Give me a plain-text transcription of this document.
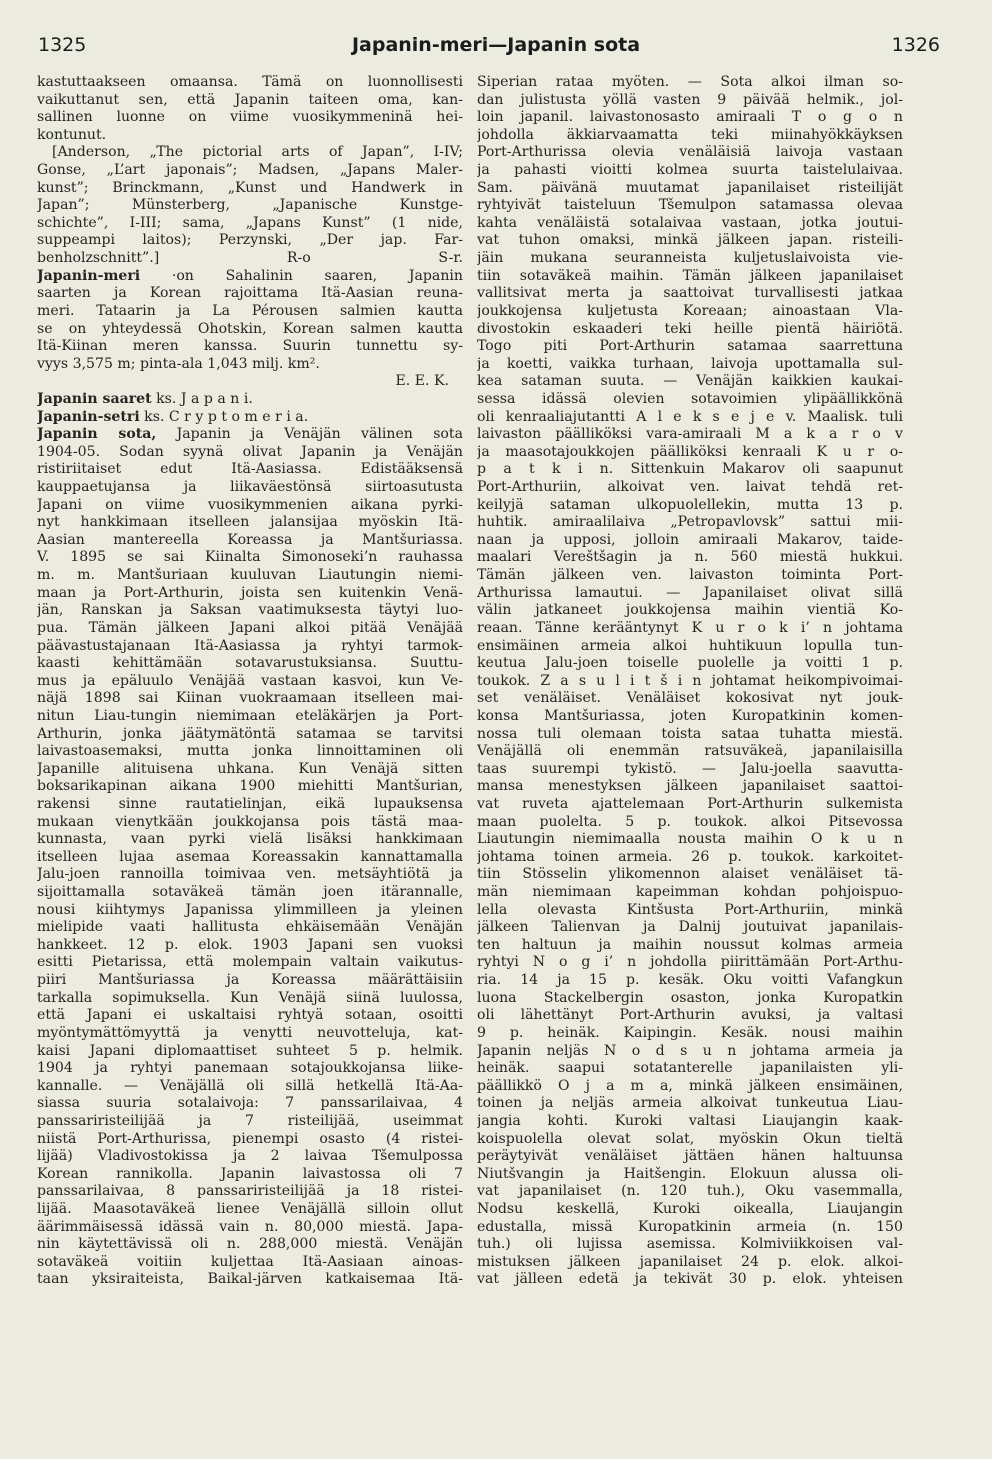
1325	Japanin-meri—Japanin sota	1326
kastuttaakseen omaansa. Tämä on luonnollisesti
vaikuttanut sen, että Japanin taiteen oma, kan-
sallinen luonne on viime vuosikymmeninä hei-
kontunut.
[Anderson, „The pictorial arts of Japan”, I-IV;
Gonse, „L’art japonais”; Madsen, „Japans Maler-
kunst”; Brinckmann, „Kunst und Handwerk in
Japan”; Münsterberg, „Japanische Kunstge-
schichte”, I-III; sama, „Japans Kunst” (1 nide,
suppeampi laitos); Perzynski, „Der jap. Far-
benholzschnitt”.] R-o S-r.
Japanin-meri ·on Sahalinin saaren, Japanin
saarten ja Korean rajoittama Itä-Aasian reuna-
meri. Tataarin ja La Pérousen salmien kautta
se on yhteydessä Ohotskin, Korean salmen kautta
Itä-Kiinan meren kanssa. Suurin tunnettu sy-
vyys 3,575 m; pinta-ala 1,043 milj. km².
E. E. K.
Japanin saaret ks. J a p a n i.
Japanin-setri ks. C r y p t o m e r i a.
Japanin sota, Japanin ja Venäjän välinen sota
1904-05. Sodan syynä olivat Japanin ja Venäjän
ristiriitaiset edut Itä-Aasiassa. Edistääksensä
kauppaetujansa ja liikaväestönsä siirtoasutusta
Japani on viime vuosikymmenien aikana pyrki-
nyt hankkimaan itselleen jalansijaa myöskin Itä-
Aasian mantereella Koreassa ja Mantšuriassa.
V. 1895 se sai Kiinalta Šimonoseki’n rauhassa
m. m. Mantšuriaan kuuluvan Liautungin niemi-
maan ja Port-Arthurin, joista sen kuitenkin Venä-
jän, Ranskan ja Saksan vaatimuksesta täytyi luo-
pua. Tämän jälkeen Japani alkoi pitää Venäjää
päävastustajanaan Itä-Aasiassa ja ryhtyi tarmok-
kaasti kehittämään sotavarustuksiansa. Suuttu-
mus ja epäluulo Venäjää vastaan kasvoi, kun Ve-
näjä 1898 sai Kiinan vuokraamaan itselleen mai-
nitun Liau-tungin niemimaan eteläkärjen ja Port-
Arthurin, jonka jäätymätöntä satamaa se tarvitsi
laivastoasemaksi, mutta jonka linnoittaminen oli
Japanille alituisena uhkana. Kun Venäjä sitten
boksarikapinan aikana 1900 miehitti Mantšurian,
rakensi sinne rautatielinjan, eikä lupauksensa
mukaan vienytkään joukkojansa pois tästä maa-
kunnasta, vaan pyrki vielä lisäksi hankkimaan
itselleen lujaa asemaa Koreassakin kannattamalla
Jalu-joen rannoilla toimivaa ven. metsäyhtiötä ja
sijoittamalla sotaväkeä tämän joen itärannalle,
nousi kiihtymys Japanissa ylimmilleen ja yleinen
mielipide vaati hallitusta ehkäisemään Venäjän
hankkeet. 12 p. elok. 1903 Japani sen vuoksi
esitti Pietarissa, että molempain valtain vaikutus-
piiri Mantšuriassa ja Koreassa määrättäisiin
tarkalla sopimuksella. Kun Venäjä siinä luulossa,
että Japani ei uskaltaisi ryhtyä sotaan, osoitti
myöntymättömyyttä ja venytti neuvotteluja, kat-
kaisi Japani diplomaattiset suhteet 5 p. helmik.
1904 ja ryhtyi panemaan sotajoukkojansa liike-
kannalle. — Venäjällä oli sillä hetkellä Itä-Aa-
siassa suuria sotalaivoja: 7 panssarilaivaa, 4
panssariristeilijää ja 7 risteilijää, useimmat
niistä Port-Arthurissa, pienempi osasto (4 ristei-
lijää) Vladivostokissa ja 2 laivaa Tšemulpossa
Korean rannikolla. Japanin laivastossa oli 7
panssarilaivaa, 8 panssariristeilijää ja 18 ristei-
lijää. Maasotaväkeä lienee Venäjällä silloin ollut
äärimmäisessä idässä vain n. 80,000 miestä. Japa-
nin käytettävissä oli n. 288,000 miestä. Venäjän
sotaväkeä voitiin kuljettaa Itä-Aasiaan ainoas-
taan yksiraiteista, Baikal-järven katkaisemaa Itä-
Siperian rataa myöten. — Sota alkoi ilman so-
dan julistusta yöllä vasten 9 päivää helmik., jol-
loin japanil. laivastonosasto amiraali T o g o n
johdolla äkkiarvaamatta teki miinahyökkäyksen
Port-Arthurissa olevia venäläisiä laivoja vastaan
ja pahasti vioitti kolmea suurta taistelulaivaa.
Sam. päivänä muutamat japanilaiset risteilijät
ryhtyivät taisteluun Tšemulpon satamassa olevaa
kahta venäläistä sotalaivaa vastaan, jotka joutui-
vat tuhon omaksi, minkä jälkeen japan. risteili-
jäin mukana seuranneista kuljetuslaivoista vie-
tiin sotaväkeä maihin. Tämän jälkeen japanilaiset
vallitsivat merta ja saattoivat turvallisesti jatkaa
joukkojensa kuljetusta Koreaan; ainoastaan Vla-
divostokin eskaaderi teki heille pientä häiriötä.
Togo piti Port-Arthurin satamaa saarrettuna
ja koetti, vaikka turhaan, laivoja upottamalla sul-
kea sataman suuta. — Venäjän kaikkien kaukai-
sessa idässä olevien sotavoimien ylipäällikkönä
oli kenraaliajutantti A l e k s e j e v. Maalisk. tuli
laivaston päälliköksi vara-amiraali M a k a r o v
ja maasotajoukkojen päälliköksi kenraali K u r o-
p a t k i n. Sittenkuin Makarov oli saapunut
Port-Arthuriin, alkoivat ven. laivat tehdä ret-
keilyjä sataman ulkopuolellekin, mutta 13 p.
huhtik. amiraalilaiva „Petropavlovsk” sattui mii-
naan ja upposi, jolloin amiraali Makarov, taide-
maalari Vereštšagin ja n. 560 miestä hukkui.
Tämän jälkeen ven. laivaston toiminta Port-
Arthurissa lamautui. — Japanilaiset olivat sillä
välin jatkaneet joukkojensa maihin vientiä Ko-
reaan. Tänne kerääntynyt K u r o k i’ n johtama
ensimäinen armeia alkoi huhtikuun lopulla tun-
keutua Jalu-joen toiselle puolelle ja voitti 1 p.
toukok. Z a s u l i t š i n johtamat heikompivoimai-
set venäläiset. Venäläiset kokosivat nyt jouk-
konsa Mantšuriassa, joten Kuropatkinin komen-
nossa tuli olemaan toista sataa tuhatta miestä.
Venäjällä oli enemmän ratsuväkeä, japanilaisilla
taas suurempi tykistö. — Jalu-joella saavutta-
mansa menestyksen jälkeen japanilaiset saattoi-
vat ruveta ajattelemaan Port-Arthurin sulkemista
maan puolelta. 5 p. toukok. alkoi Pitsevossa
Liautungin niemimaalla nousta maihin O k u n
johtama toinen armeia. 26 p. toukok. karkoitet-
tiin Stösselin ylikomennon alaiset venäläiset tä-
män niemimaan kapeimman kohdan pohjoispuo-
lella olevasta Kintšusta Port-Arthuriin, minkä
jälkeen Talienvan ja Dalnij joutuivat japanilais-
ten haltuun ja maihin noussut kolmas armeia
ryhtyi N o g i’ n johdolla piirittämään Port-Arthu-
ria. 14 ja 15 p. kesäk. Oku voitti Vafangkun
luona Stackelbergin osaston, jonka Kuropatkin
oli lähettänyt Port-Arthurin avuksi, ja valtasi
9 p. heinäk. Kaipingin. Kesäk. nousi maihin
Japanin neljäs N o d s u n johtama armeia ja
heinäk. saapui sotatanterelle japanilaisten yli-
päällikkö O j a m a, minkä jälkeen ensimäinen,
toinen ja neljäs armeia alkoivat tunkeutua Liau-
jangia kohti. Kuroki valtasi Liaujangin kaak-
koispuolella olevat solat, myöskin Okun tieltä
peräytyivät venäläiset jättäen hänen haltuunsa
Niutšvangin ja Haitšengin. Elokuun alussa oli-
vat japanilaiset (n. 120 tuh.), Oku vasemmalla,
Nodsu keskellä, Kuroki oikealla, Liaujangin
edustalla, missä Kuropatkinin armeia (n. 150
tuh.) oli lujissa asemissa. Kolmiviikkoisen val-
mistuksen jälkeen japanilaiset 24 p. elok. alkoi-
vat jälleen edetä ja tekivät 30 p. elok. yhteisen
